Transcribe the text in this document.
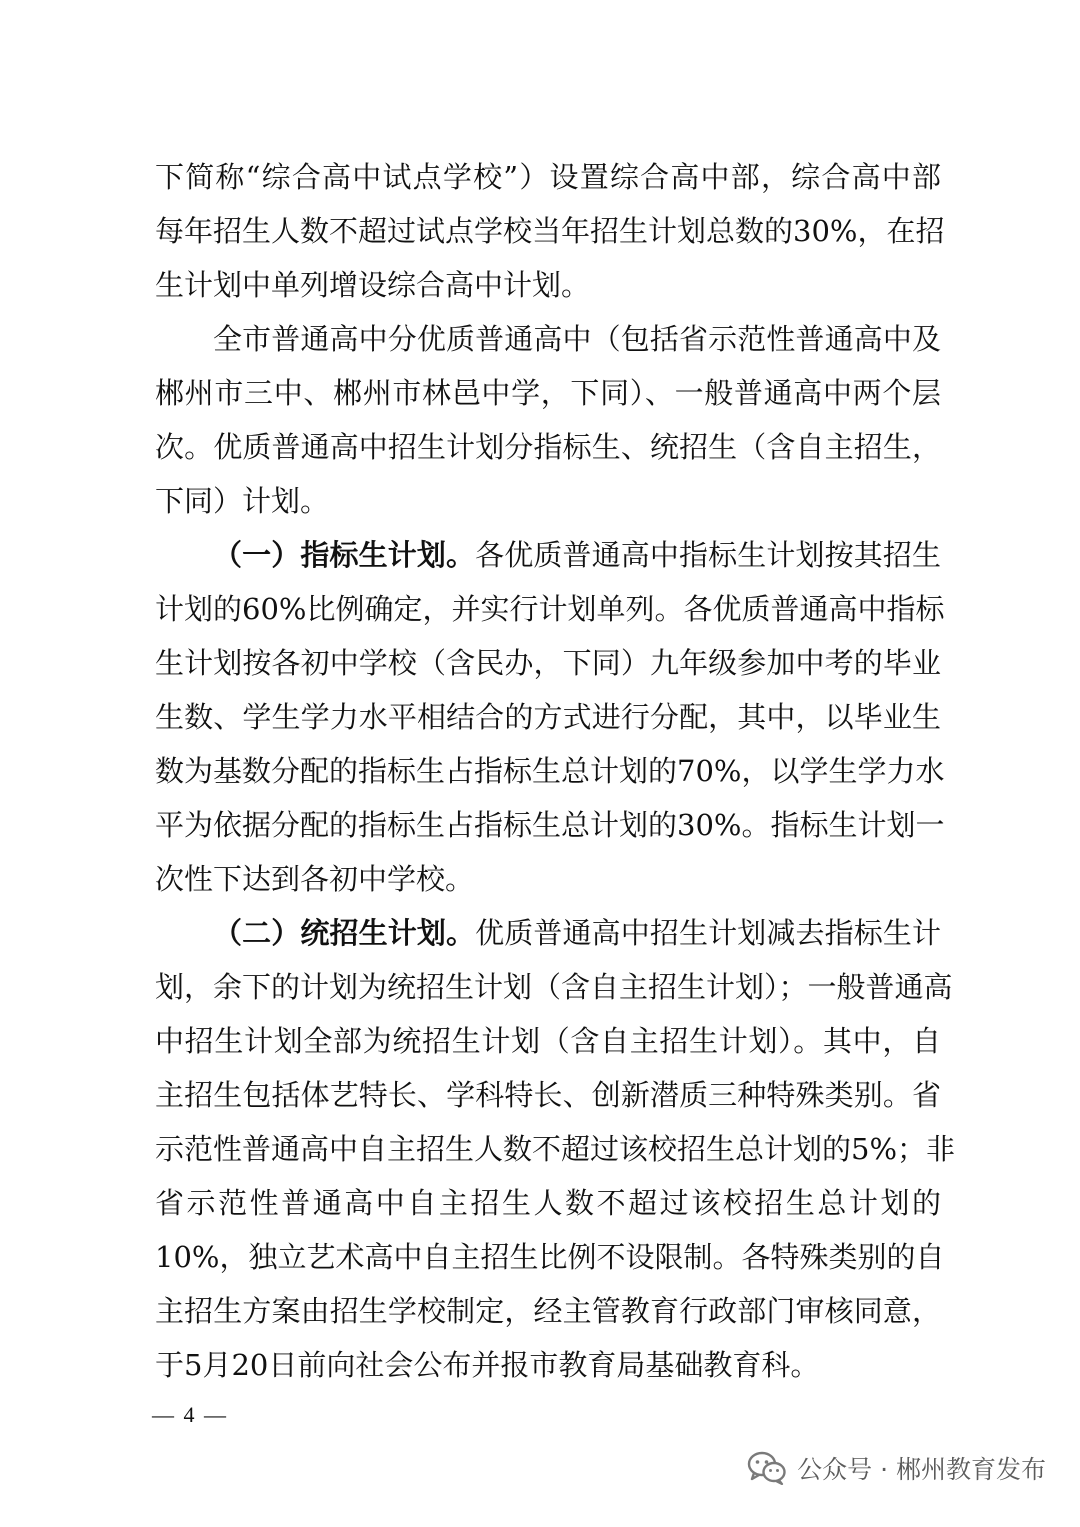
下简称“综合高中试点学校”）设置综合高中部，综合高中部
每年招生人数不超过试点学校当年招生计划总数的30%，在招
生计划中单列增设综合高中计划。
全市普通高中分优质普通高中（包括省示范性普通高中及
郴州市三中、郴州市林邑中学，下同）、一般普通高中两个层
次。优质普通高中招生计划分指标生、统招生（含自主招生，
下同）计划。
（一）指标生计划。各优质普通高中指标生计划按其招生
计划的60%比例确定，并实行计划单列。各优质普通高中指标
生计划按各初中学校（含民办，下同）九年级参加中考的毕业
生数、学生学力水平相结合的方式进行分配，其中，以毕业生
数为基数分配的指标生占指标生总计划的70%，以学生学力水
平为依据分配的指标生占指标生总计划的30%。指标生计划一
次性下达到各初中学校。
（二）统招生计划。优质普通高中招生计划减去指标生计
划，余下的计划为统招生计划（含自主招生计划）；一般普通高
中招生计划全部为统招生计划（含自主招生计划）。其中，自
主招生包括体艺特长、学科特长、创新潜质三种特殊类别。省
示范性普通高中自主招生人数不超过该校招生总计划的5%；非
省示范性普通高中自主招生人数不超过该校招生总计划的
10%，独立艺术高中自主招生比例不设限制。各特殊类别的自
主招生方案由招生学校制定，经主管教育行政部门审核同意，
于5月20日前向社会公布并报市教育局基础教育科。
— 4 —
公众号 · 郴州教育发布
